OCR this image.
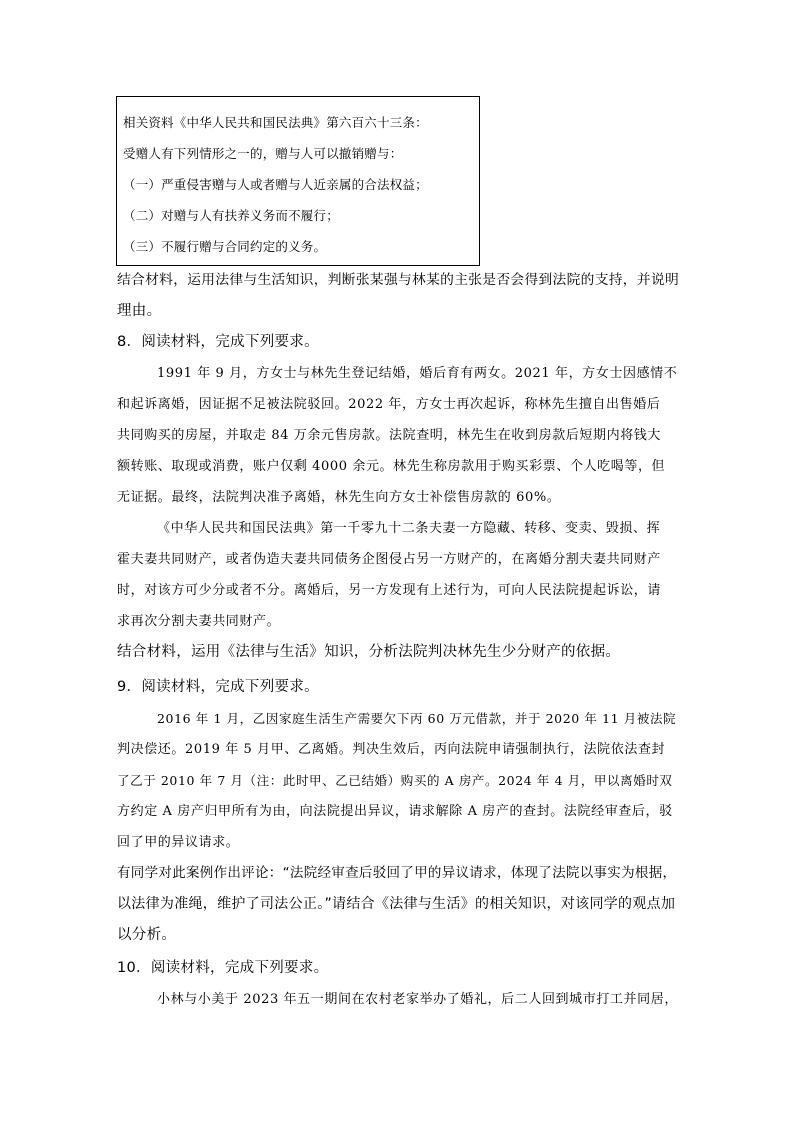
相关资料《中华人民共和国民法典》第六百六十三条：
受赠人有下列情形之一的，赠与人可以撤销赠与：
（一）严重侵害赠与人或者赠与人近亲属的合法权益；
（二）对赠与人有扶养义务而不履行；
（三）不履行赠与合同约定的义务。
结合材料，运用法律与生活知识，判断张某强与林某的主张是否会得到法院的支持，并说明
理由。
8．阅读材料，完成下列要求。
1991 年 9 月，方女士与林先生登记结婚，婚后育有两女。2021 年，方女士因感情不
和起诉离婚，因证据不足被法院驳回。2022 年，方女士再次起诉，称林先生擅自出售婚后
共同购买的房屋，并取走 84 万余元售房款。法院查明，林先生在收到房款后短期内将钱大
额转账、取现或消费，账户仅剩 4000 余元。林先生称房款用于购买彩票、个人吃喝等，但
无证据。最终，法院判决准予离婚，林先生向方女士补偿售房款的 60%。
《中华人民共和国民法典》第一千零九十二条夫妻一方隐藏、转移、变卖、毁损、挥
霍夫妻共同财产，或者伪造夫妻共同债务企图侵占另一方财产的，在离婚分割夫妻共同财产
时，对该方可少分或者不分。离婚后，另一方发现有上述行为，可向人民法院提起诉讼，请
求再次分割夫妻共同财产。
结合材料，运用《法律与生活》知识，分析法院判决林先生少分财产的依据。
9．阅读材料，完成下列要求。
2016 年 1 月，乙因家庭生活生产需要欠下丙 60 万元借款，并于 2020 年 11 月被法院
判决偿还。2019 年 5 月甲、乙离婚。判决生效后，丙向法院申请强制执行，法院依法查封
了乙于 2010 年 7 月（注：此时甲、乙已结婚）购买的 A 房产。2024 年 4 月，甲以离婚时双
方约定 A 房产归甲所有为由，向法院提出异议，请求解除 A 房产的查封。法院经审查后，驳
回了甲的异议请求。
有同学对此案例作出评论：“法院经审查后驳回了甲的异议请求，体现了法院以事实为根据，
以法律为准绳，维护了司法公正。”请结合《法律与生活》的相关知识，对该同学的观点加
以分析。
10．阅读材料，完成下列要求。
小林与小美于 2023 年五一期间在农村老家举办了婚礼，后二人回到城市打工并同居，
